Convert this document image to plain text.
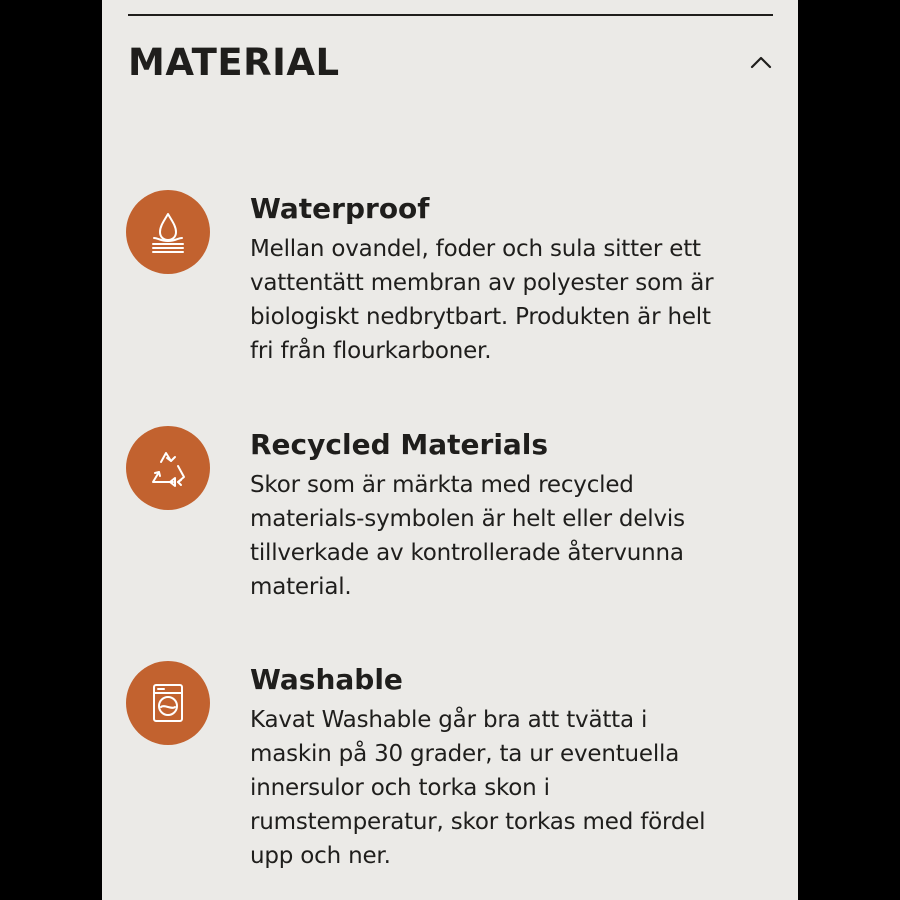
MATERIAL

Waterproof

Mellan ovandel, foder och sula sitter ett
vattentätt membran av polyester som är
biologiskt nedbrytbart. Produkten är helt
fri från flourkarboner.

Recycled Materials

Skor som är märkta med recycled
materials-symbolen är helt eller delvis
tillverkade av kontrollerade återvunna
material.

Washable

Kavat Washable går bra att tvätta i
maskin på 30 grader, ta ur eventuella
innersulor och torka skon i
rumstemperatur, skor torkas med fördel
upp och ner.
